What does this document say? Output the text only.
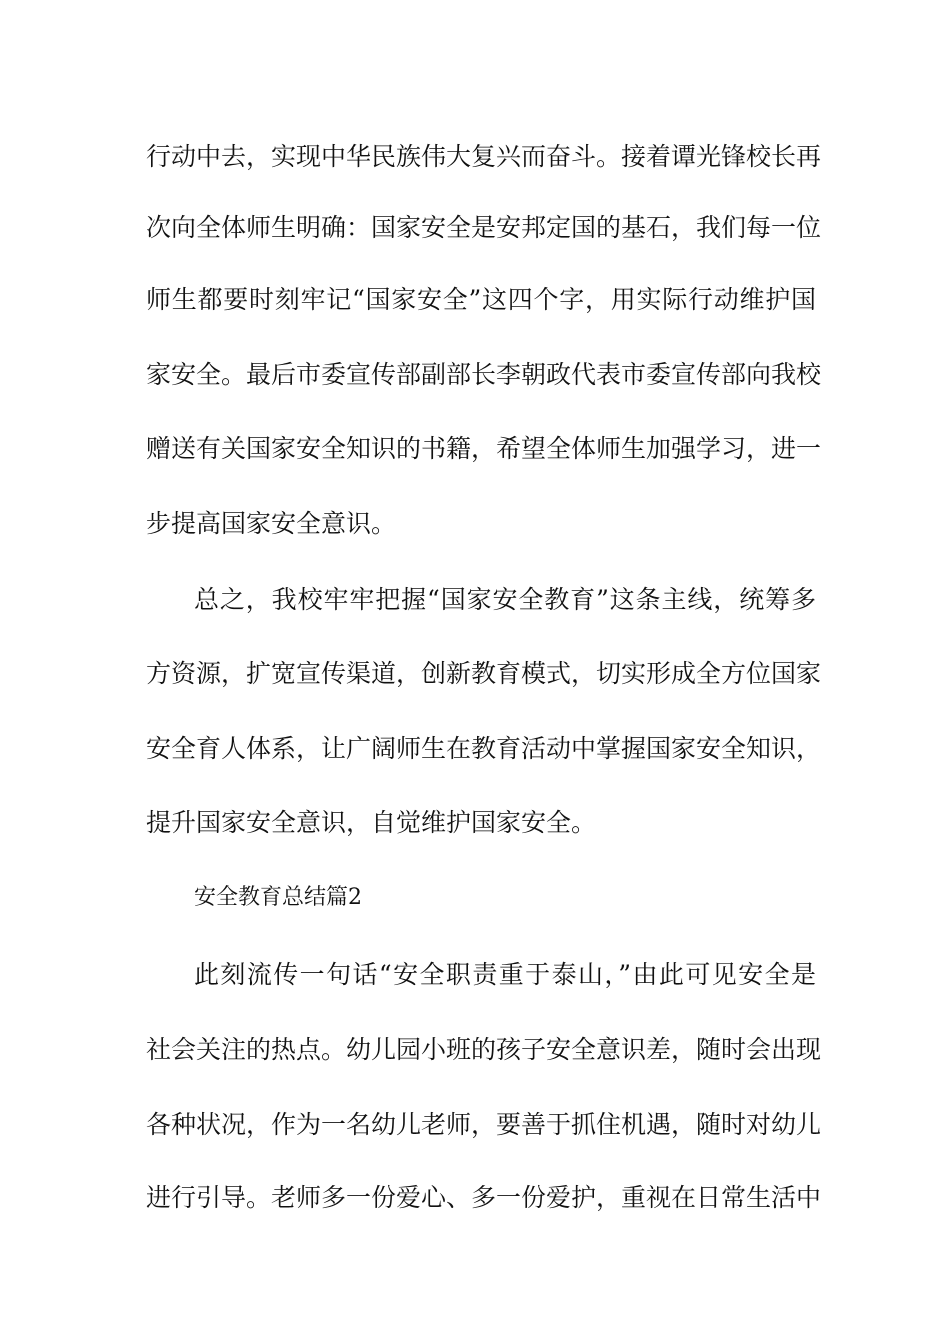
行动中去，实现中华民族伟大复兴而奋斗。接着谭光锋校长再
次向全体师生明确：国家安全是安邦定国的基石，我们每一位
师生都要时刻牢记“国家安全”这四个字，用实际行动维护国
家安全。最后市委宣传部副部长李朝政代表市委宣传部向我校
赠送有关国家安全知识的书籍，希望全体师生加强学习，进一
步提高国家安全意识。
总之，我校牢牢把握“国家安全教育”这条主线，统筹多
方资源，扩宽宣传渠道，创新教育模式，切实形成全方位国家
安全育人体系，让广阔师生在教育活动中掌握国家安全知识，
提升国家安全意识，自觉维护国家安全。
安全教育总结篇2
此刻流传一句话“安全职责重于泰山，”由此可见安全是
社会关注的热点。幼儿园小班的孩子安全意识差，随时会出现
各种状况，作为一名幼儿老师，要善于抓住机遇，随时对幼儿
进行引导。老师多一份爱心、多一份爱护，重视在日常生活中
